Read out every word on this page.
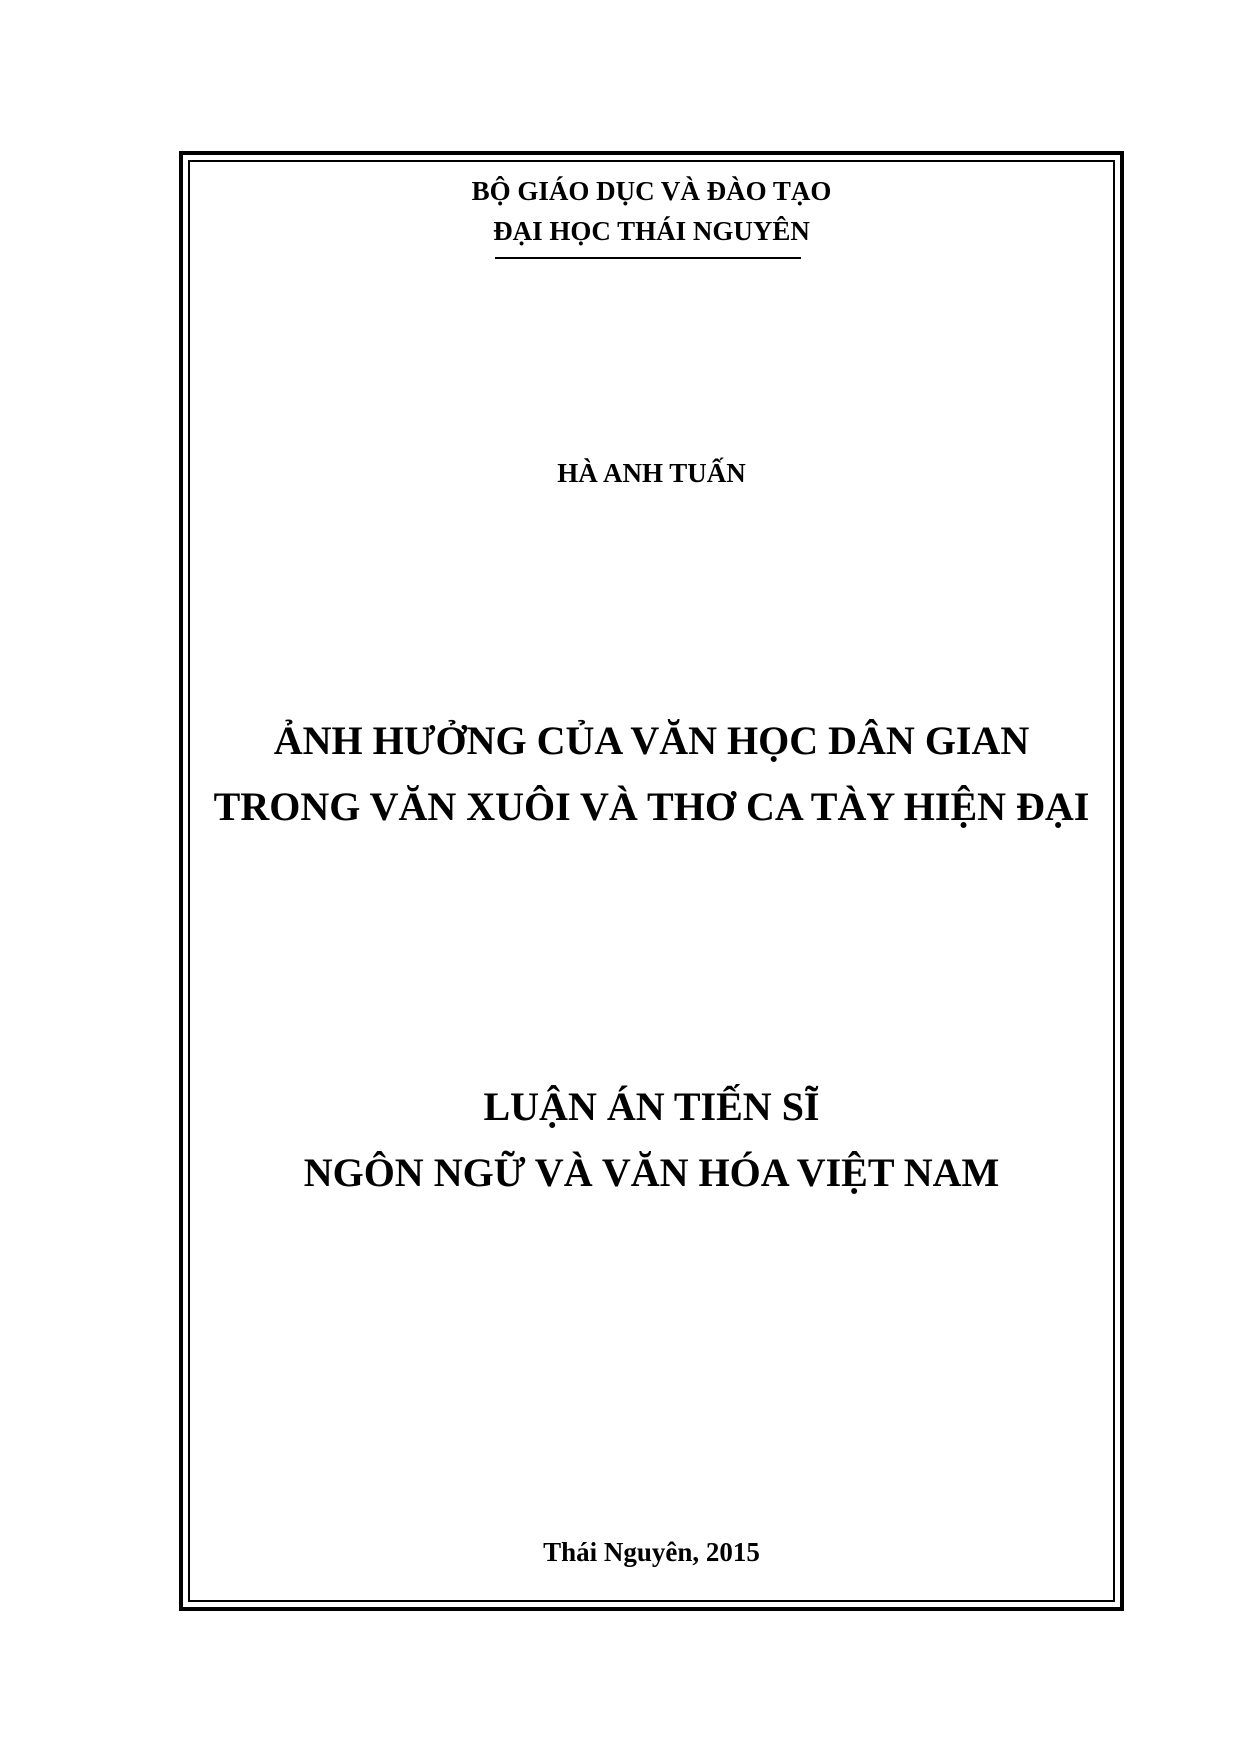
BỘ GIÁO DỤC VÀ ĐÀO TẠO

ĐẠI HỌC THÁI NGUYÊN

HÀ ANH TUẤN

ẢNH HƯỞNG CỦA VĂN HỌC DÂN GIAN

TRONG VĂN XUÔI VÀ THƠ CA TÀY HIỆN ĐẠI

LUẬN ÁN TIẾN SĨ

NGÔN NGỮ VÀ VĂN HÓA VIỆT NAM

Thái Nguyên, 2015
